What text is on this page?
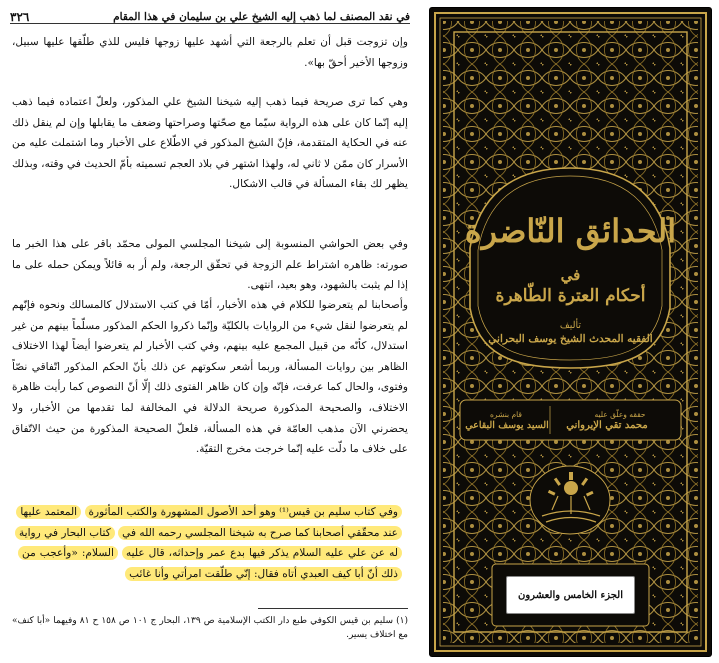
في نقد المصنف لما ذهب إليه الشيخ علي بن سليمان في هذا المقام
٣٢٦

وإن تزوجت قبل أن تعلم بالرجعة التي أشهد عليها زوجها فليس للذي طلّقها عليها سبيل، وزوجها الأخير أحقّ بها».

وهي كما ترى صريحة فيما ذهب إليه شيخنا الشيخ علي المذكور، ولعلّ اعتماده فيما ذهب إليه إنّما كان على هذه الرواية سيّما مع صحّتها وصراحتها وضعف ما يقابلها وإن لم ينقل ذلك عنه في الحكاية المتقدمة، فإنّ الشيخ المذكور في الاطّلاع على الأخبار وما اشتملت عليه من الأسرار كان ممّن لا ثاني له، ولهذا اشتهر في بلاد العجم تسميته بأمّ الحديث في وقته، وبذلك يظهر لك بقاء المسألة في قالب الاشكال.

وفي بعض الحواشي المنسوبة إلى شيخنا المجلسي المولى محمّد باقر على هذا الخبر ما صورته: ظاهره اشتراط علم الزوجة في تحقّق الرجعة، ولم أر به قائلاً ويمكن حمله على ما إذا لم يثبت بالشهود، وهو بعيد، انتهى.

وأصحابنا لم يتعرضوا للكلام في هذه الأخبار، أمّا في كتب الاستدلال كالمسالك ونحوه فإنّهم لم يتعرضوا لنقل شيء من الروايات بالكليّة وإنّما ذكروا الحكم المذكور مسلّماً بينهم من غير استدلال، كأنّه من قبيل المجمع عليه بينهم، وفي كتب الأخبار لم يتعرضوا أيضاً لهذا الاختلاف الظاهر بين روايات المسألة، وربما أشعر سكوتهم عن ذلك بأنّ الحكم المذكور اتّفاقي نصّاً وفتوى، والحال كما عرفت، فإنّه وإن كان ظاهر الفتوى ذلك إلّا أنّ النصوص كما رأيت ظاهرة الاختلاف، والصحيحة المذكورة صريحة الدلالة في المخالفة لما تقدمها من الأخبار، ولا يحضرني الآن مذهب العامّة في هذه المسألة، فلعلّ الصحيحة المذكورة من حيث الاتّفاق على خلاف ما دلّت عليه إنّما خرجت مخرج التقيّة.

وفي كتاب سليم بن قيس⁽¹⁾ وهو أحد الأصول المشهورة والكتب المأثورة المعتمد عليها عند محقّقي أصحابنا كما صرح به شيخنا المجلسي رحمه الله في كتاب البحار في رواية له عن علي عليه السلام يذكر فيها بدع عمر وإحداثه، قال عليه السلام: «وأعجب من ذلك أنّ أبا كيف العبدي أتاه فقال: إنّي طلّقت امرأتي وأنا غائب

(١) سليم بن قيس الكوفي طبع دار الكتب الإسلامية ص ١٣٩، البحار ج ١٠١ ص ١٥٨ ح ٨١ وفيهما «أبا كنف» مع اختلاف يسير.

الحدائق النّاضرة
في
أحكام العترة الطّاهرة
تأليف
الفقيه المحدث الشيخ يوسف البحراني
حققه وعلّق عليه
محمد تقي الإيرواني
قام بنشره
السيد يوسف البقاعي
الجزء الخامس والعشرون
